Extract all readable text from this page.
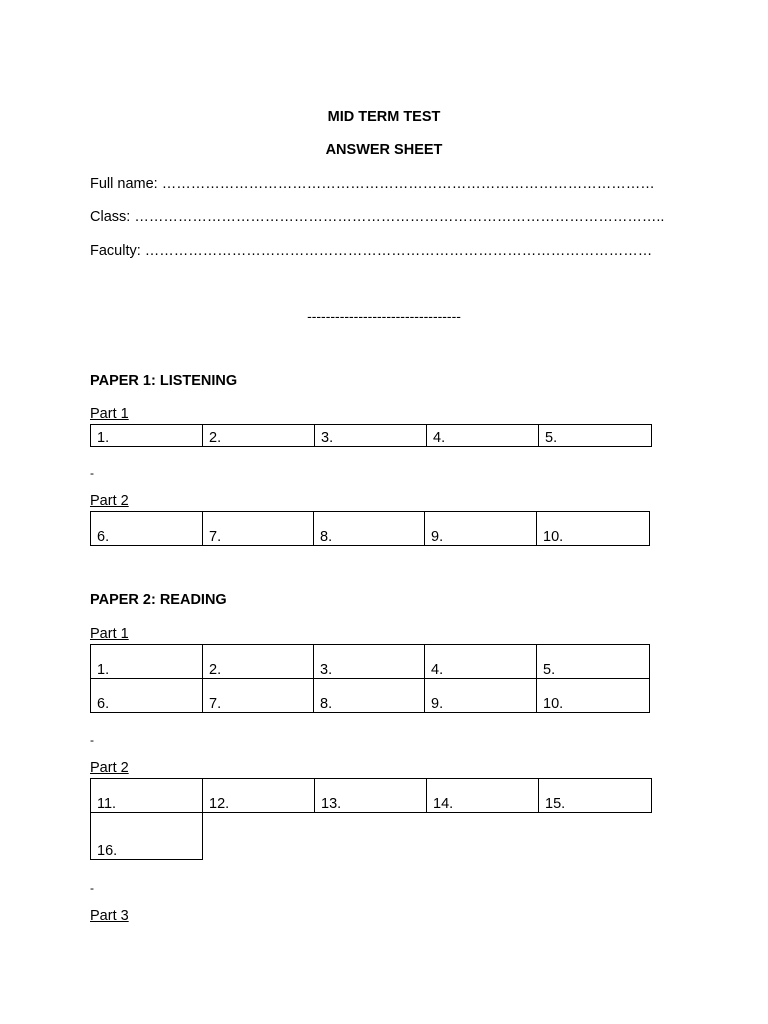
MID TERM TEST
ANSWER SHEET
Full name: …………………………………………………………………………………………
Class: ………………………………………………………………………………………………..
Faculty: ……………………………………………………………………………………………
---------------------------------
PAPER 1: LISTENING
Part 1
1.	2.	3.	4.	5.
-
Part 2
6.	7.	8.	9.	10.
PAPER 2: READING
Part 1
1.	2.	3.	4.	5.
6.	7.	8.	9.	10.
-
Part 2
11.	12.	13.	14.	15.
16.				
-
Part 3
